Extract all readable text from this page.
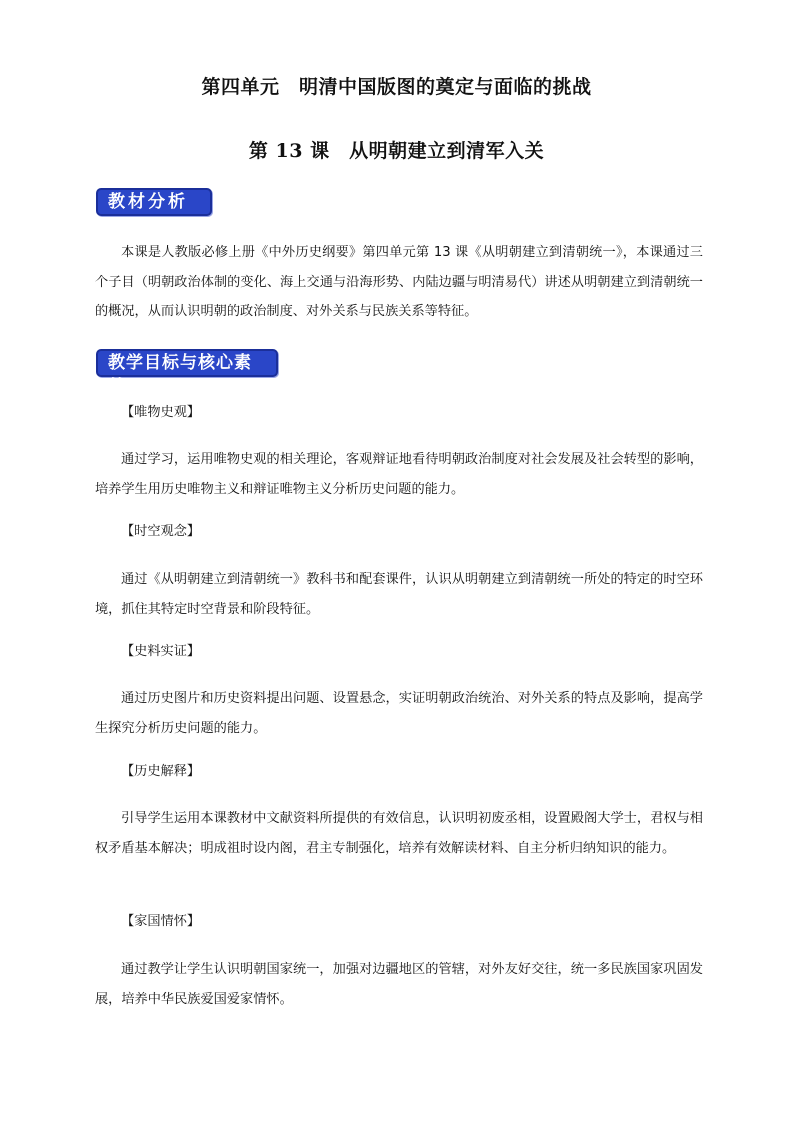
第四单元　明清中国版图的奠定与面临的挑战
第 13 课　从明朝建立到清军入关
教材分析
本课是人教版必修上册《中外历史纲要》第四单元第 13 课《从明朝建立到清朝统一》，本课通过三个子目（明朝政治体制的变化、海上交通与沿海形势、内陆边疆与明清易代）讲述从明朝建立到清朝统一的概况，从而认识明朝的政治制度、对外关系与民族关系等特征。
教学目标与核心素养
【唯物史观】
通过学习，运用唯物史观的相关理论，客观辩证地看待明朝政治制度对社会发展及社会转型的影响，培养学生用历史唯物主义和辩证唯物主义分析历史问题的能力。
【时空观念】
通过《从明朝建立到清朝统一》教科书和配套课件，认识从明朝建立到清朝统一所处的特定的时空环境，抓住其特定时空背景和阶段特征。
【史料实证】
通过历史图片和历史资料提出问题、设置悬念，实证明朝政治统治、对外关系的特点及影响，提高学生探究分析历史问题的能力。
【历史解释】
引导学生运用本课教材中文献资料所提供的有效信息，认识明初废丞相，设置殿阁大学士，君权与相权矛盾基本解决；明成祖时设内阁，君主专制强化，培养有效解读材料、自主分析归纳知识的能力。
【家国情怀】
通过教学让学生认识明朝国家统一，加强对边疆地区的管辖，对外友好交往，统一多民族国家巩固发展，培养中华民族爱国爱家情怀。
